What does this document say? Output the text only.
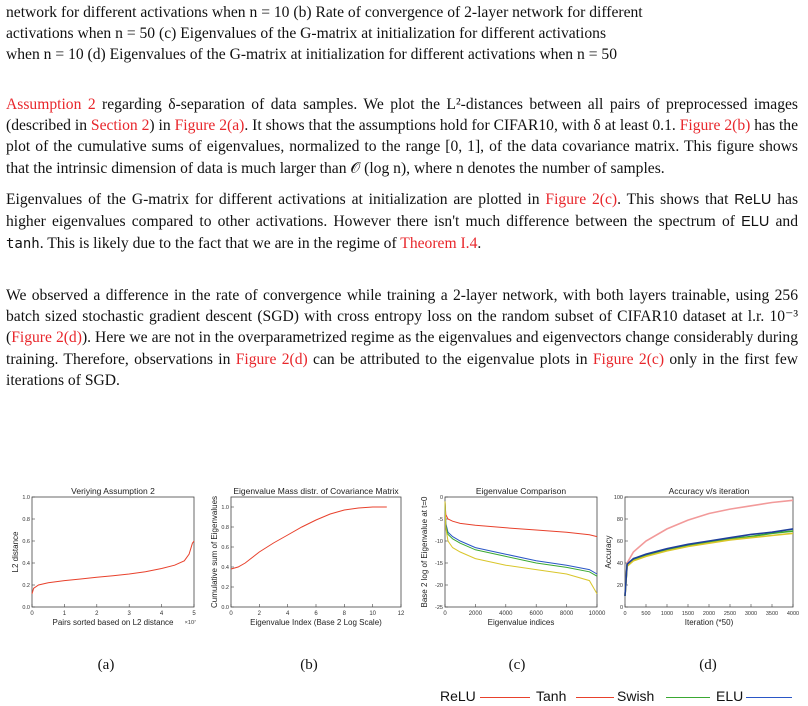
network for different activations when n = 10 (b) Rate of convergence of 2-layer network for different
activations when n = 50 (c) Eigenvalues of the G-matrix at initialization for different activations
when n = 10 (d) Eigenvalues of the G-matrix at initialization for different activations when n = 50
Assumption 2 regarding δ-separation of data samples. We plot the L²-distances between all pairs of preprocessed images (described in Section 2) in Figure 2(a). It shows that the assumptions hold for CIFAR10, with δ at least 0.1. Figure 2(b) has the plot of the cumulative sums of eigenvalues, normalized to the range [0, 1], of the data covariance matrix. This figure shows that the intrinsic dimension of data is much larger than 𝒪 (log n), where n denotes the number of samples.
Eigenvalues of the G-matrix for different activations at initialization are plotted in Figure 2(c). This shows that ReLU has higher eigenvalues compared to other activations. However there isn't much difference between the spectrum of ELU and tanh. This is likely due to the fact that we are in the regime of Theorem I.4.
We observed a difference in the rate of convergence while training a 2-layer network, with both layers trainable, using 256 batch sized stochastic gradient descent (SGD) with cross entropy loss on the random subset of CIFAR10 dataset at l.r. 10⁻³ (Figure 2(d)). Here we are not in the overparametrized regime as the eigenvalues and eigenvectors change considerably during training. Therefore, observations in Figure 2(d) can be attributed to the eigenvalue plots in Figure 2(c) only in the first few iterations of SGD.
Veriying Assumption 2
0	1	2	3	4	5
0.0
0.2
0.4
0.6
0.8
1.0
Pairs sorted based on L2 distance ×10⁷
L2 distance
Eigenvalue Mass distr. of Covariance Matrix
0	2	4	6	8	10	12
0.0
0.2
0.4
0.6
0.8
1.0
Eigenvalue Index (Base 2 Log Scale)
Cumulative sum of Eigenvalues
Eigenvalue Comparison
0	2000	4000	6000	8000	10000
0
-5
-10
-15
-20
-25
Eigenvalue indices
Base 2 log of Eigenvalue at t=0
Accuracy v/s iteration
0	500 1000 1500 2000 2500 3000 3500 4000
0
20
40
60
80
100
Iteration (*50)
Accuracy
(a)	(b)	(c)	(d)
ReLU	Tanh	Swish	ELU
